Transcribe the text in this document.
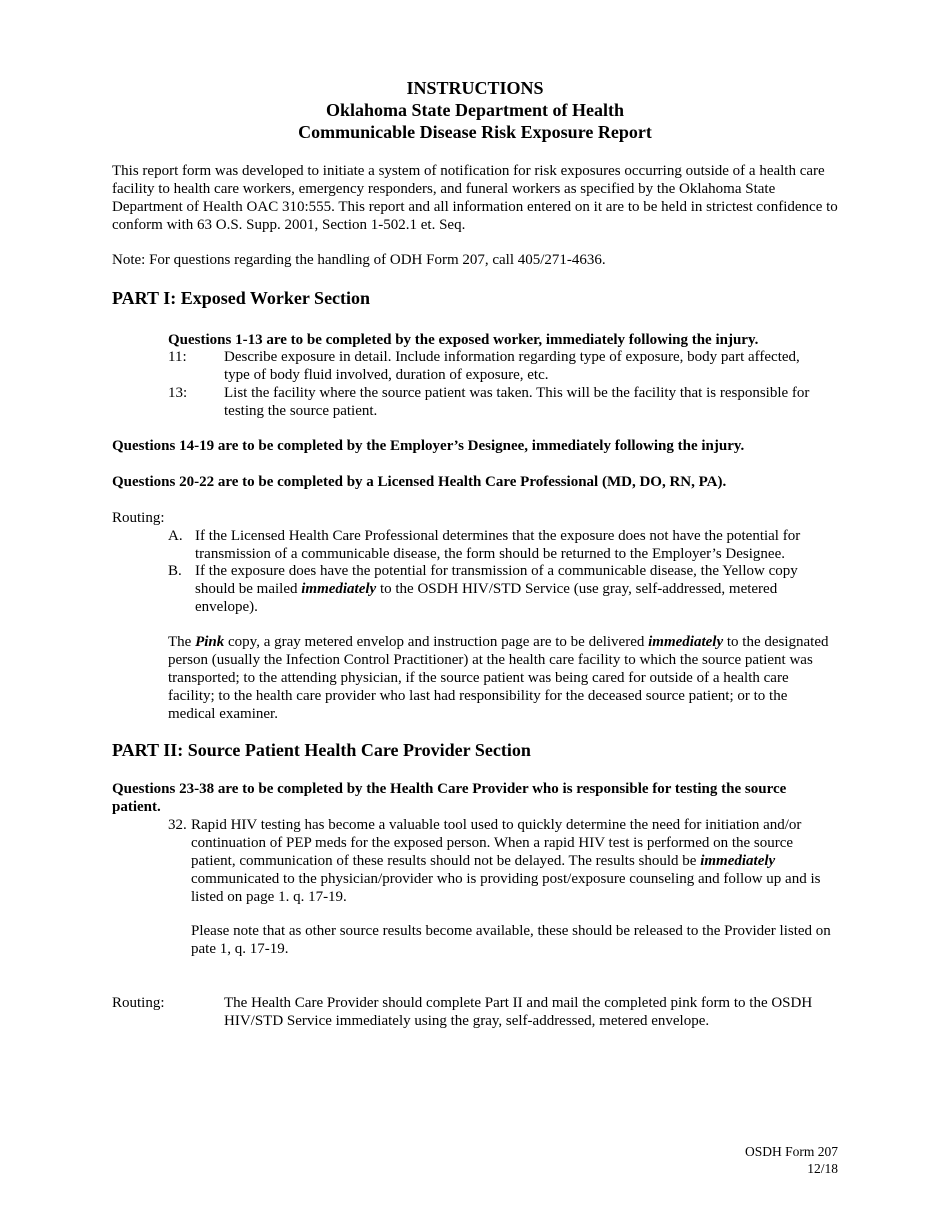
INSTRUCTIONS
Oklahoma State Department of Health
Communicable Disease Risk Exposure Report
This report form was developed to initiate a system of notification for risk exposures occurring outside of a health care facility to health care workers, emergency responders, and funeral workers as specified by the Oklahoma State Department of Health OAC 310:555. This report and all information entered on it are to be held in strictest confidence to conform with 63 O.S. Supp. 2001, Section 1-502.1 et. Seq.
Note: For questions regarding the handling of ODH Form 207, call 405/271-4636.
PART I: Exposed Worker Section
Questions 1-13 are to be completed by the exposed worker, immediately following the injury.
11: Describe exposure in detail. Include information regarding type of exposure, body part affected, type of body fluid involved, duration of exposure, etc.
13: List the facility where the source patient was taken. This will be the facility that is responsible for testing the source patient.
Questions 14-19 are to be completed by the Employer’s Designee, immediately following the injury.
Questions 20-22 are to be completed by a Licensed Health Care Professional (MD, DO, RN, PA).
Routing:
A. If the Licensed Health Care Professional determines that the exposure does not have the potential for transmission of a communicable disease, the form should be returned to the Employer’s Designee.
B. If the exposure does have the potential for transmission of a communicable disease, the Yellow copy should be mailed immediately to the OSDH HIV/STD Service (use gray, self-addressed, metered envelope).
The Pink copy, a gray metered envelop and instruction page are to be delivered immediately to the designated person (usually the Infection Control Practitioner) at the health care facility to which the source patient was transported; to the attending physician, if the source patient was being cared for outside of a health care facility; to the health care provider who last had responsibility for the deceased source patient; or to the medical examiner.
PART II: Source Patient Health Care Provider Section
Questions 23-38 are to be completed by the Health Care Provider who is responsible for testing the source patient.
32. Rapid HIV testing has become a valuable tool used to quickly determine the need for initiation and/or continuation of PEP meds for the exposed person. When a rapid HIV test is performed on the source patient, communication of these results should not be delayed. The results should be immediately communicated to the physician/provider who is providing post/exposure counseling and follow up and is listed on page 1. q. 17-19.
Please note that as other source results become available, these should be released to the Provider listed on pate 1, q. 17-19.
Routing:	The Health Care Provider should complete Part II and mail the completed pink form to the OSDH HIV/STD Service immediately using the gray, self-addressed, metered envelope.
OSDH Form 207
12/18
